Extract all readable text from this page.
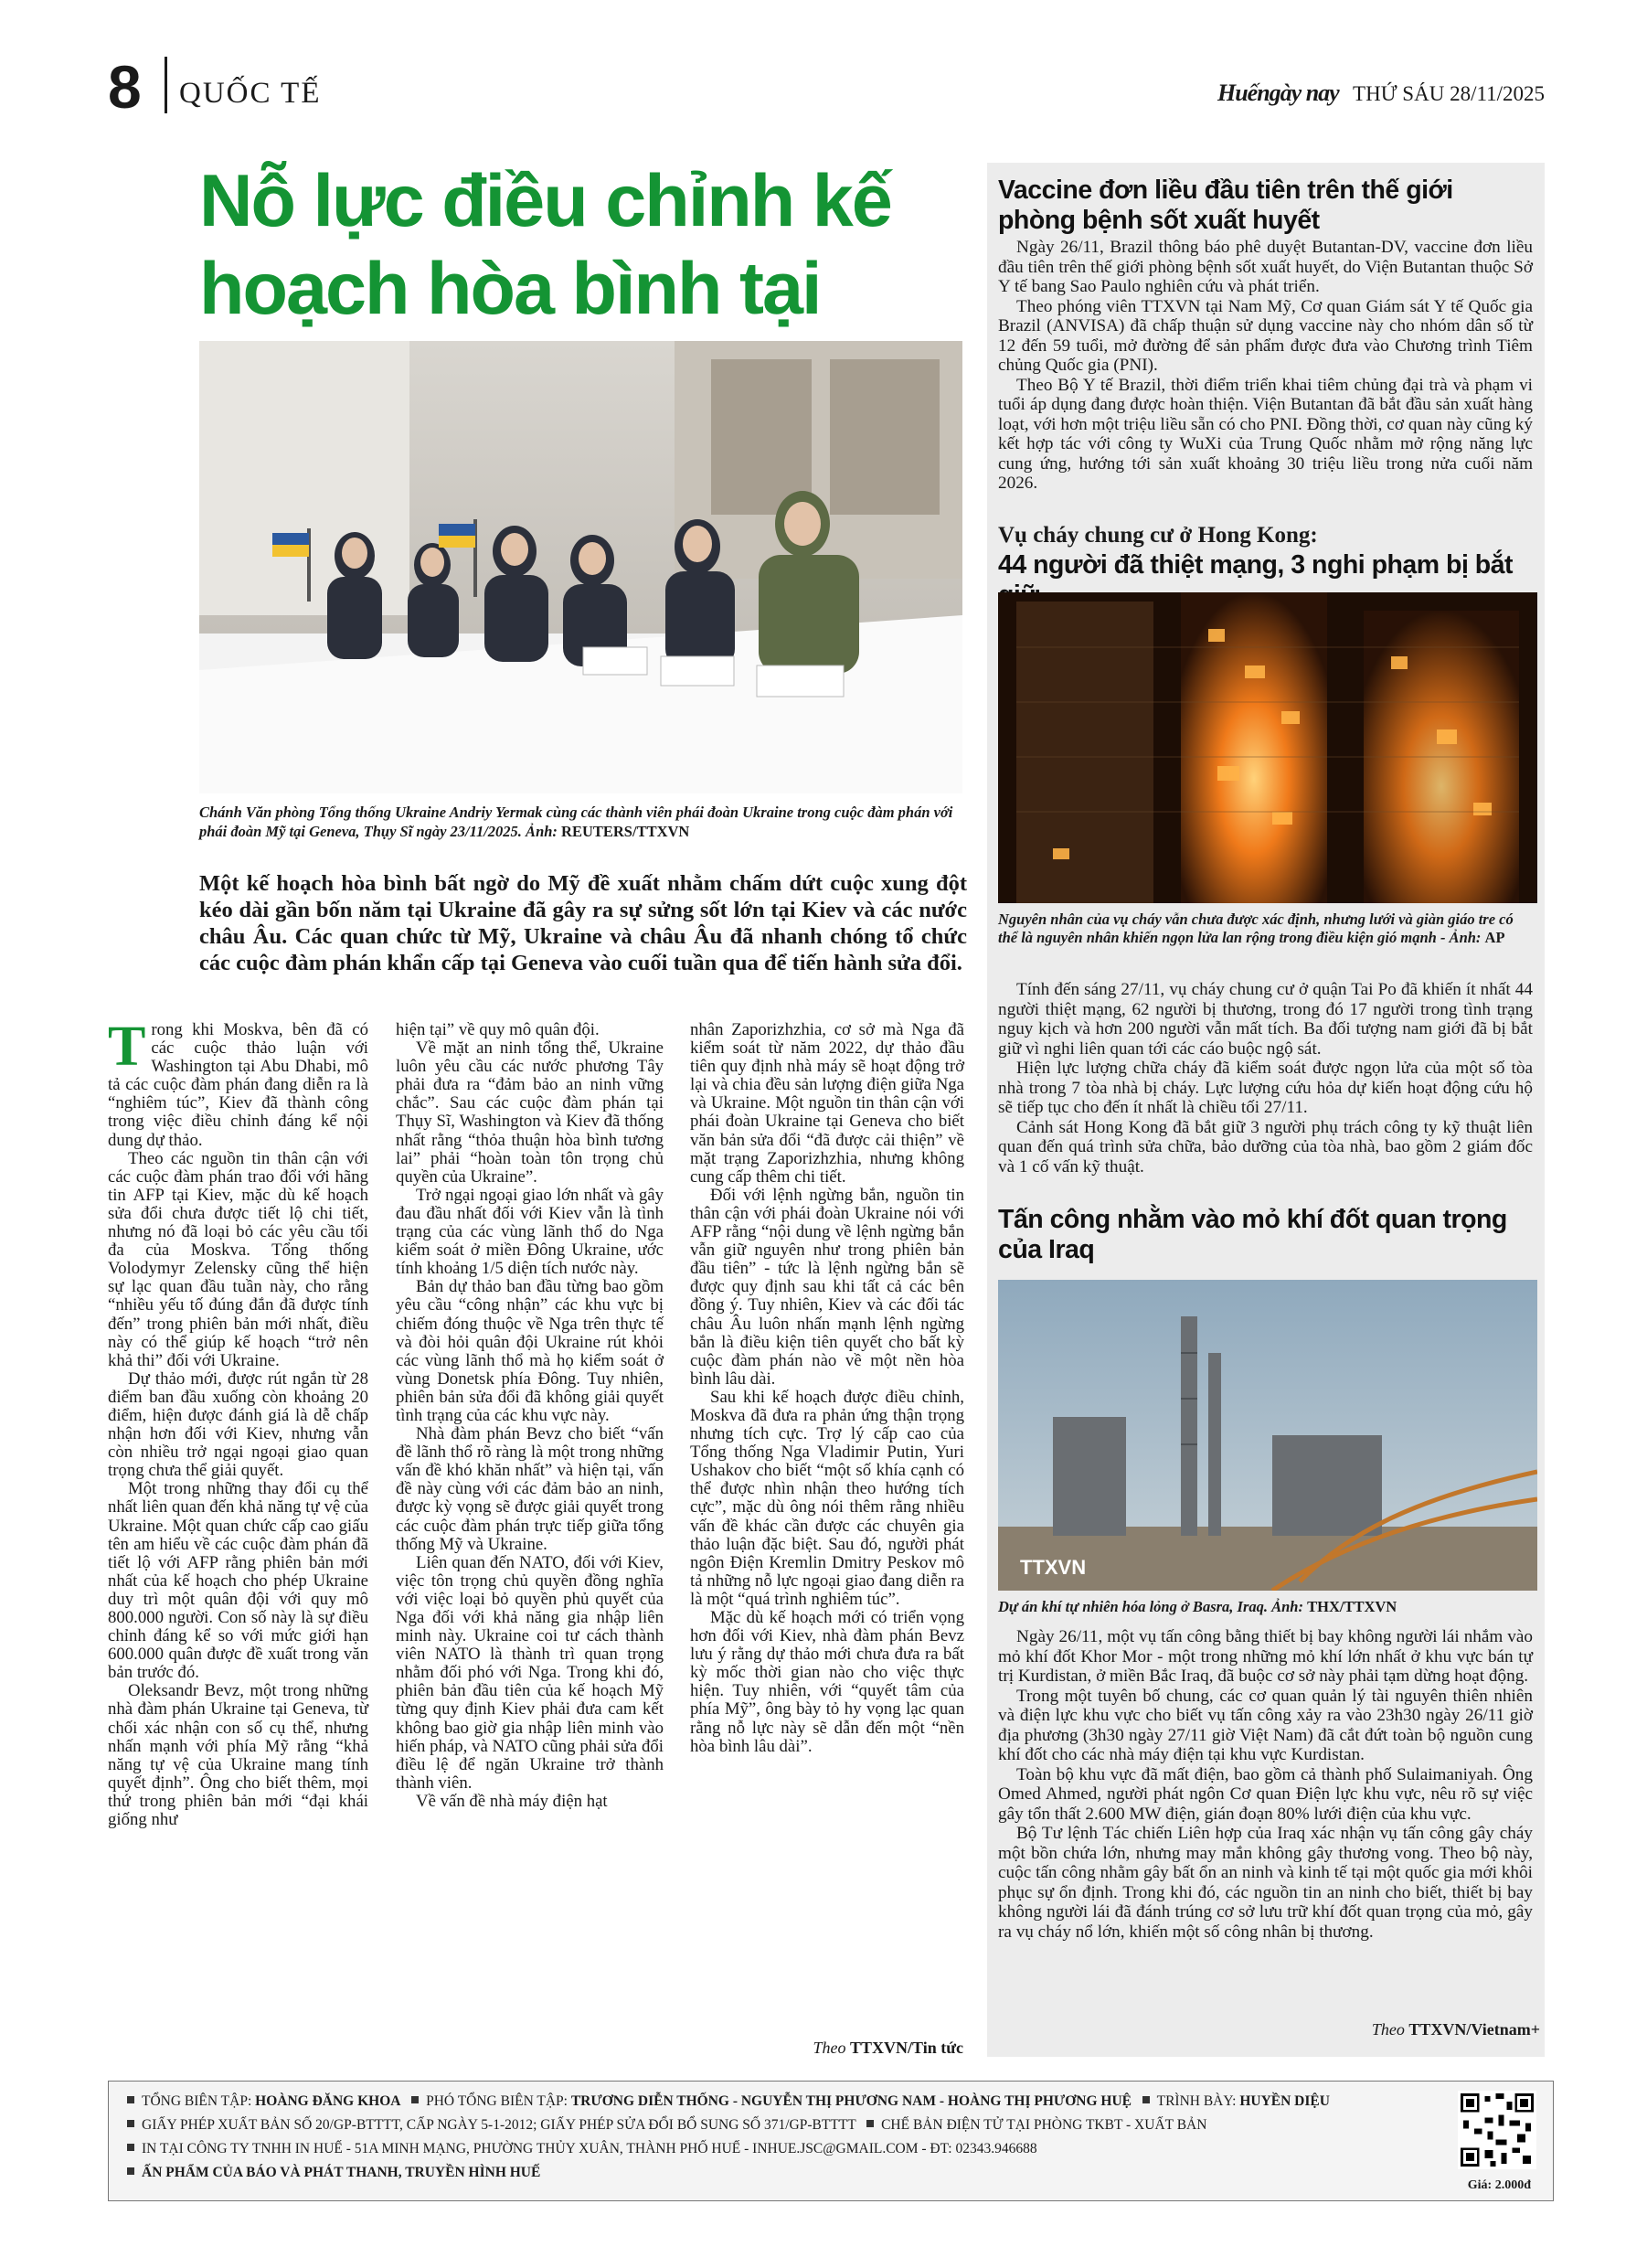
8 QUỐC TẾ	Huếngày nay THỨ SÁU 28/11/2025
Nỗ lực điều chỉnh kế hoạch hòa bình tại
Chánh Văn phòng Tổng thống Ukraine Andriy Yermak cùng các thành viên phái đoàn Ukraine trong cuộc đàm phán với phái đoàn Mỹ tại Geneva, Thụy Sĩ ngày 23/11/2025. Ảnh: REUTERS/TTXVN
Một kế hoạch hòa bình bất ngờ do Mỹ đề xuất nhằm chấm dứt cuộc xung đột kéo dài gần bốn năm tại Ukraine đã gây ra sự sửng sốt lớn tại Kiev và các nước châu Âu. Các quan chức từ Mỹ, Ukraine và châu Âu đã nhanh chóng tổ chức các cuộc đàm phán khẩn cấp tại Geneva vào cuối tuần qua để tiến hành sửa đổi.

Trong khi Moskva, bên đã có các cuộc thảo luận với Washington tại Abu Dhabi, mô tả các cuộc đàm phán đang diễn ra là “nghiêm túc”, Kiev đã thành công trong việc điều chỉnh đáng kể nội dung dự thảo.

Theo các nguồn tin thân cận với các cuộc đàm phán trao đổi với hãng tin AFP tại Kiev, mặc dù kế hoạch sửa đổi chưa được tiết lộ chi tiết, nhưng nó đã loại bỏ các yêu cầu tối đa của Moskva. Tổng thống Volodymyr Zelensky cũng thể hiện sự lạc quan đầu tuần này, cho rằng “nhiều yếu tố đúng đắn đã được tính đến” trong phiên bản mới nhất, điều này có thể giúp kế hoạch “trở nên khả thi” đối với Ukraine.

Dự thảo mới, được rút ngắn từ 28 điểm ban đầu xuống còn khoảng 20 điểm, hiện được đánh giá là dễ chấp nhận hơn đối với Kiev, nhưng vẫn còn nhiều trở ngại ngoại giao quan trọng chưa thể giải quyết.

Một trong những thay đổi cụ thể nhất liên quan đến khả năng tự vệ của Ukraine. Một quan chức cấp cao giấu tên am hiểu về các cuộc đàm phán đã tiết lộ với AFP rằng phiên bản mới nhất của kế hoạch cho phép Ukraine duy trì một quân đội với quy mô 800.000 người. Con số này là sự điều chỉnh đáng kể so với mức giới hạn 600.000 quân được đề xuất trong văn bản trước đó.

Oleksandr Bevz, một trong những nhà đàm phán Ukraine tại Geneva, từ chối xác nhận con số cụ thể, nhưng nhấn mạnh với phía Mỹ rằng “khả năng tự vệ của Ukraine mang tính quyết định”. Ông cho biết thêm, mọi thứ trong phiên bản mới “đại khái giống như

hiện tại” về quy mô quân đội.

Về mặt an ninh tổng thể, Ukraine luôn yêu cầu các nước phương Tây phải đưa ra “đảm bảo an ninh vững chắc”. Sau các cuộc đàm phán tại Thụy Sĩ, Washington và Kiev đã thống nhất rằng “thỏa thuận hòa bình tương lai” phải “hoàn toàn tôn trọng chủ quyền của Ukraine”.

Trở ngại ngoại giao lớn nhất và gây đau đầu nhất đối với Kiev vẫn là tình trạng của các vùng lãnh thổ do Nga kiểm soát ở miền Đông Ukraine, ước tính khoảng 1/5 diện tích nước này.

Bản dự thảo ban đầu từng bao gồm yêu cầu “công nhận” các khu vực bị chiếm đóng thuộc về Nga trên thực tế và đòi hỏi quân đội Ukraine rút khỏi các vùng lãnh thổ mà họ kiểm soát ở vùng Donetsk phía Đông. Tuy nhiên, phiên bản sửa đổi đã không giải quyết tình trạng của các khu vực này.

Nhà đàm phán Bevz cho biết “vấn đề lãnh thổ rõ ràng là một trong những vấn đề khó khăn nhất” và hiện tại, vấn đề này cùng với các đảm bảo an ninh, được kỳ vọng sẽ được giải quyết trong các cuộc đàm phán trực tiếp giữa tổng thống Mỹ và Ukraine.

Liên quan đến NATO, đối với Kiev, việc tôn trọng chủ quyền đồng nghĩa với việc loại bỏ quyền phủ quyết của Nga đối với khả năng gia nhập liên minh này. Ukraine coi tư cách thành viên NATO là thành trì quan trọng nhằm đối phó với Nga. Trong khi đó, phiên bản đầu tiên của kế hoạch Mỹ từng quy định Kiev phải đưa cam kết không bao giờ gia nhập liên minh vào hiến pháp, và NATO cũng phải sửa đổi điều lệ để ngăn Ukraine trở thành thành viên.

Về vấn đề nhà máy điện hạt

nhân Zaporizhzhia, cơ sở mà Nga đã kiểm soát từ năm 2022, dự thảo đầu tiên quy định nhà máy sẽ hoạt động trở lại và chia đều sản lượng điện giữa Nga và Ukraine. Một nguồn tin thân cận với phái đoàn Ukraine tại Geneva cho biết văn bản sửa đổi “đã được cải thiện” về mặt trạng Zaporizhzhia, nhưng không cung cấp thêm chi tiết.

Đối với lệnh ngừng bắn, nguồn tin thân cận với phái đoàn Ukraine nói với AFP rằng “nội dung về lệnh ngừng bắn vẫn giữ nguyên như trong phiên bản đầu tiên” - tức là lệnh ngừng bắn sẽ được quy định sau khi tất cả các bên đồng ý. Tuy nhiên, Kiev và các đối tác châu Âu luôn nhấn mạnh lệnh ngừng bắn là điều kiện tiên quyết cho bất kỳ cuộc đàm phán nào về một nền hòa bình lâu dài.

Sau khi kế hoạch được điều chỉnh, Moskva đã đưa ra phản ứng thận trọng nhưng tích cực. Trợ lý cấp cao của Tổng thống Nga Vladimir Putin, Yuri Ushakov cho biết “một số khía cạnh có thể được nhìn nhận theo hướng tích cực”, mặc dù ông nói thêm rằng nhiều vấn đề khác cần được các chuyên gia thảo luận đặc biệt. Sau đó, người phát ngôn Điện Kremlin Dmitry Peskov mô tả những nỗ lực ngoại giao đang diễn ra là một “quá trình nghiêm túc”.

Mặc dù kế hoạch mới có triển vọng hơn đối với Kiev, nhà đàm phán Bevz lưu ý rằng dự thảo mới chưa đưa ra bất kỳ mốc thời gian nào cho việc thực hiện. Tuy nhiên, với “quyết tâm của phía Mỹ”, ông bày tỏ hy vọng lạc quan rằng nỗ lực này sẽ dẫn đến một “nền hòa bình lâu dài”.

Theo TTXVN/Tin tức
Vaccine đơn liều đầu tiên trên thế giới phòng bệnh sốt xuất huyết

Ngày 26/11, Brazil thông báo phê duyệt Butantan-DV, vaccine đơn liều đầu tiên trên thế giới phòng bệnh sốt xuất huyết, do Viện Butantan thuộc Sở Y tế bang Sao Paulo nghiên cứu và phát triển.

Theo phóng viên TTXVN tại Nam Mỹ, Cơ quan Giám sát Y tế Quốc gia Brazil (ANVISA) đã chấp thuận sử dụng vaccine này cho nhóm dân số từ 12 đến 59 tuổi, mở đường để sản phẩm được đưa vào Chương trình Tiêm chủng Quốc gia (PNI).

Theo Bộ Y tế Brazil, thời điểm triển khai tiêm chủng đại trà và phạm vi tuổi áp dụng đang được hoàn thiện. Viện Butantan đã bắt đầu sản xuất hàng loạt, với hơn một triệu liều sẵn có cho PNI. Đồng thời, cơ quan này cũng ký kết hợp tác với công ty WuXi của Trung Quốc nhằm mở rộng năng lực cung ứng, hướng tới sản xuất khoảng 30 triệu liều trong nửa cuối năm 2026.

Vụ cháy chung cư ở Hong Kong:
44 người đã thiệt mạng, 3 nghi phạm bị bắt
Nguyên nhân của vụ cháy vẫn chưa được xác định, nhưng lưới và giàn giáo tre có thể là nguyên nhân khiến ngọn lửa lan rộng trong điều kiện gió mạnh - Ảnh: AP

Tính đến sáng 27/11, vụ cháy chung cư ở quận Tai Po đã khiến ít nhất 44 người thiệt mạng, 62 người bị thương, trong đó 17 người trong tình trạng nguy kịch và hơn 200 người vẫn mất tích. Ba đối tượng nam giới đã bị bắt giữ vì nghi liên quan tới các cáo buộc ngộ sát.

Hiện lực lượng chữa cháy đã kiểm soát được ngọn lửa của một số tòa nhà trong 7 tòa nhà bị cháy. Lực lượng cứu hỏa dự kiến hoạt động cứu hộ sẽ tiếp tục cho đến ít nhất là chiều tối 27/11.

Cảnh sát Hong Kong đã bắt giữ 3 người phụ trách công ty kỹ thuật liên quan đến quá trình sửa chữa, bảo dưỡng của tòa nhà, bao gồm 2 giám đốc và 1 cố vấn kỹ thuật.

Tấn công nhằm vào mỏ khí đốt quan trọng của Iraq
TTXVN
Dự án khí tự nhiên hóa lỏng ở Basra, Iraq. Ảnh: THX/TTXVN

Ngày 26/11, một vụ tấn công bằng thiết bị bay không người lái nhắm vào mỏ khí đốt Khor Mor - một trong những mỏ khí lớn nhất ở khu vực bán tự trị Kurdistan, ở miền Bắc Iraq, đã buộc cơ sở này phải tạm dừng hoạt động.

Trong một tuyên bố chung, các cơ quan quản lý tài nguyên thiên nhiên và điện lực khu vực cho biết vụ tấn công xảy ra vào 23h30 ngày 26/11 giờ địa phương (3h30 ngày 27/11 giờ Việt Nam) đã cắt đứt toàn bộ nguồn cung khí đốt cho các nhà máy điện tại khu vực Kurdistan.

Toàn bộ khu vực đã mất điện, bao gồm cả thành phố Sulaimaniyah. Ông Omed Ahmed, người phát ngôn Cơ quan Điện lực khu vực, nêu rõ sự việc gây tổn thất 2.600 MW điện, gián đoạn 80% lưới điện của khu vực.

Bộ Tư lệnh Tác chiến Liên hợp của Iraq xác nhận vụ tấn công gây cháy một bồn chứa lớn, nhưng may mắn không gây thương vong. Theo bộ này, cuộc tấn công nhằm gây bất ổn an ninh và kinh tế tại một quốc gia mới khôi phục sự ổn định. Trong khi đó, các nguồn tin an ninh cho biết, thiết bị bay không người lái đã đánh trúng cơ sở lưu trữ khí đốt quan trọng của mỏ, gây ra vụ cháy nổ lớn, khiến một số công nhân bị thương.

Theo TTXVN/Vietnam+
TỔNG BIÊN TẬP: HOÀNG ĐĂNG KHOA PHÓ TỔNG BIÊN TẬP: TRƯƠNG DIỄN THỐNG - NGUYỄN THỊ PHƯƠNG NAM - HOÀNG THỊ PHƯƠNG HUỆ TRÌNH BÀY: HUYỀN DIỆU
GIẤY PHÉP XUẤT BẢN SỐ 20/GP-BTTTT, CẤP NGÀY 5-1-2012; GIẤY PHÉP SỬA ĐỔI BỔ SUNG SỐ 371/GP-BTTTT CHẾ BẢN ĐIỆN TỬ TẠI PHÒNG TKBT - XUẤT BẢN
IN TẠI CÔNG TY TNHH IN HUẾ - 51A MINH MẠNG, PHƯỜNG THỦY XUÂN, THÀNH PHỐ HUẾ - INHUE.JSC@GMAIL.COM - ĐT: 02343.946688
ẤN PHẨM CỦA BÁO VÀ PHÁT THANH, TRUYỀN HÌNH HUẾ
Giá: 2.000đ
